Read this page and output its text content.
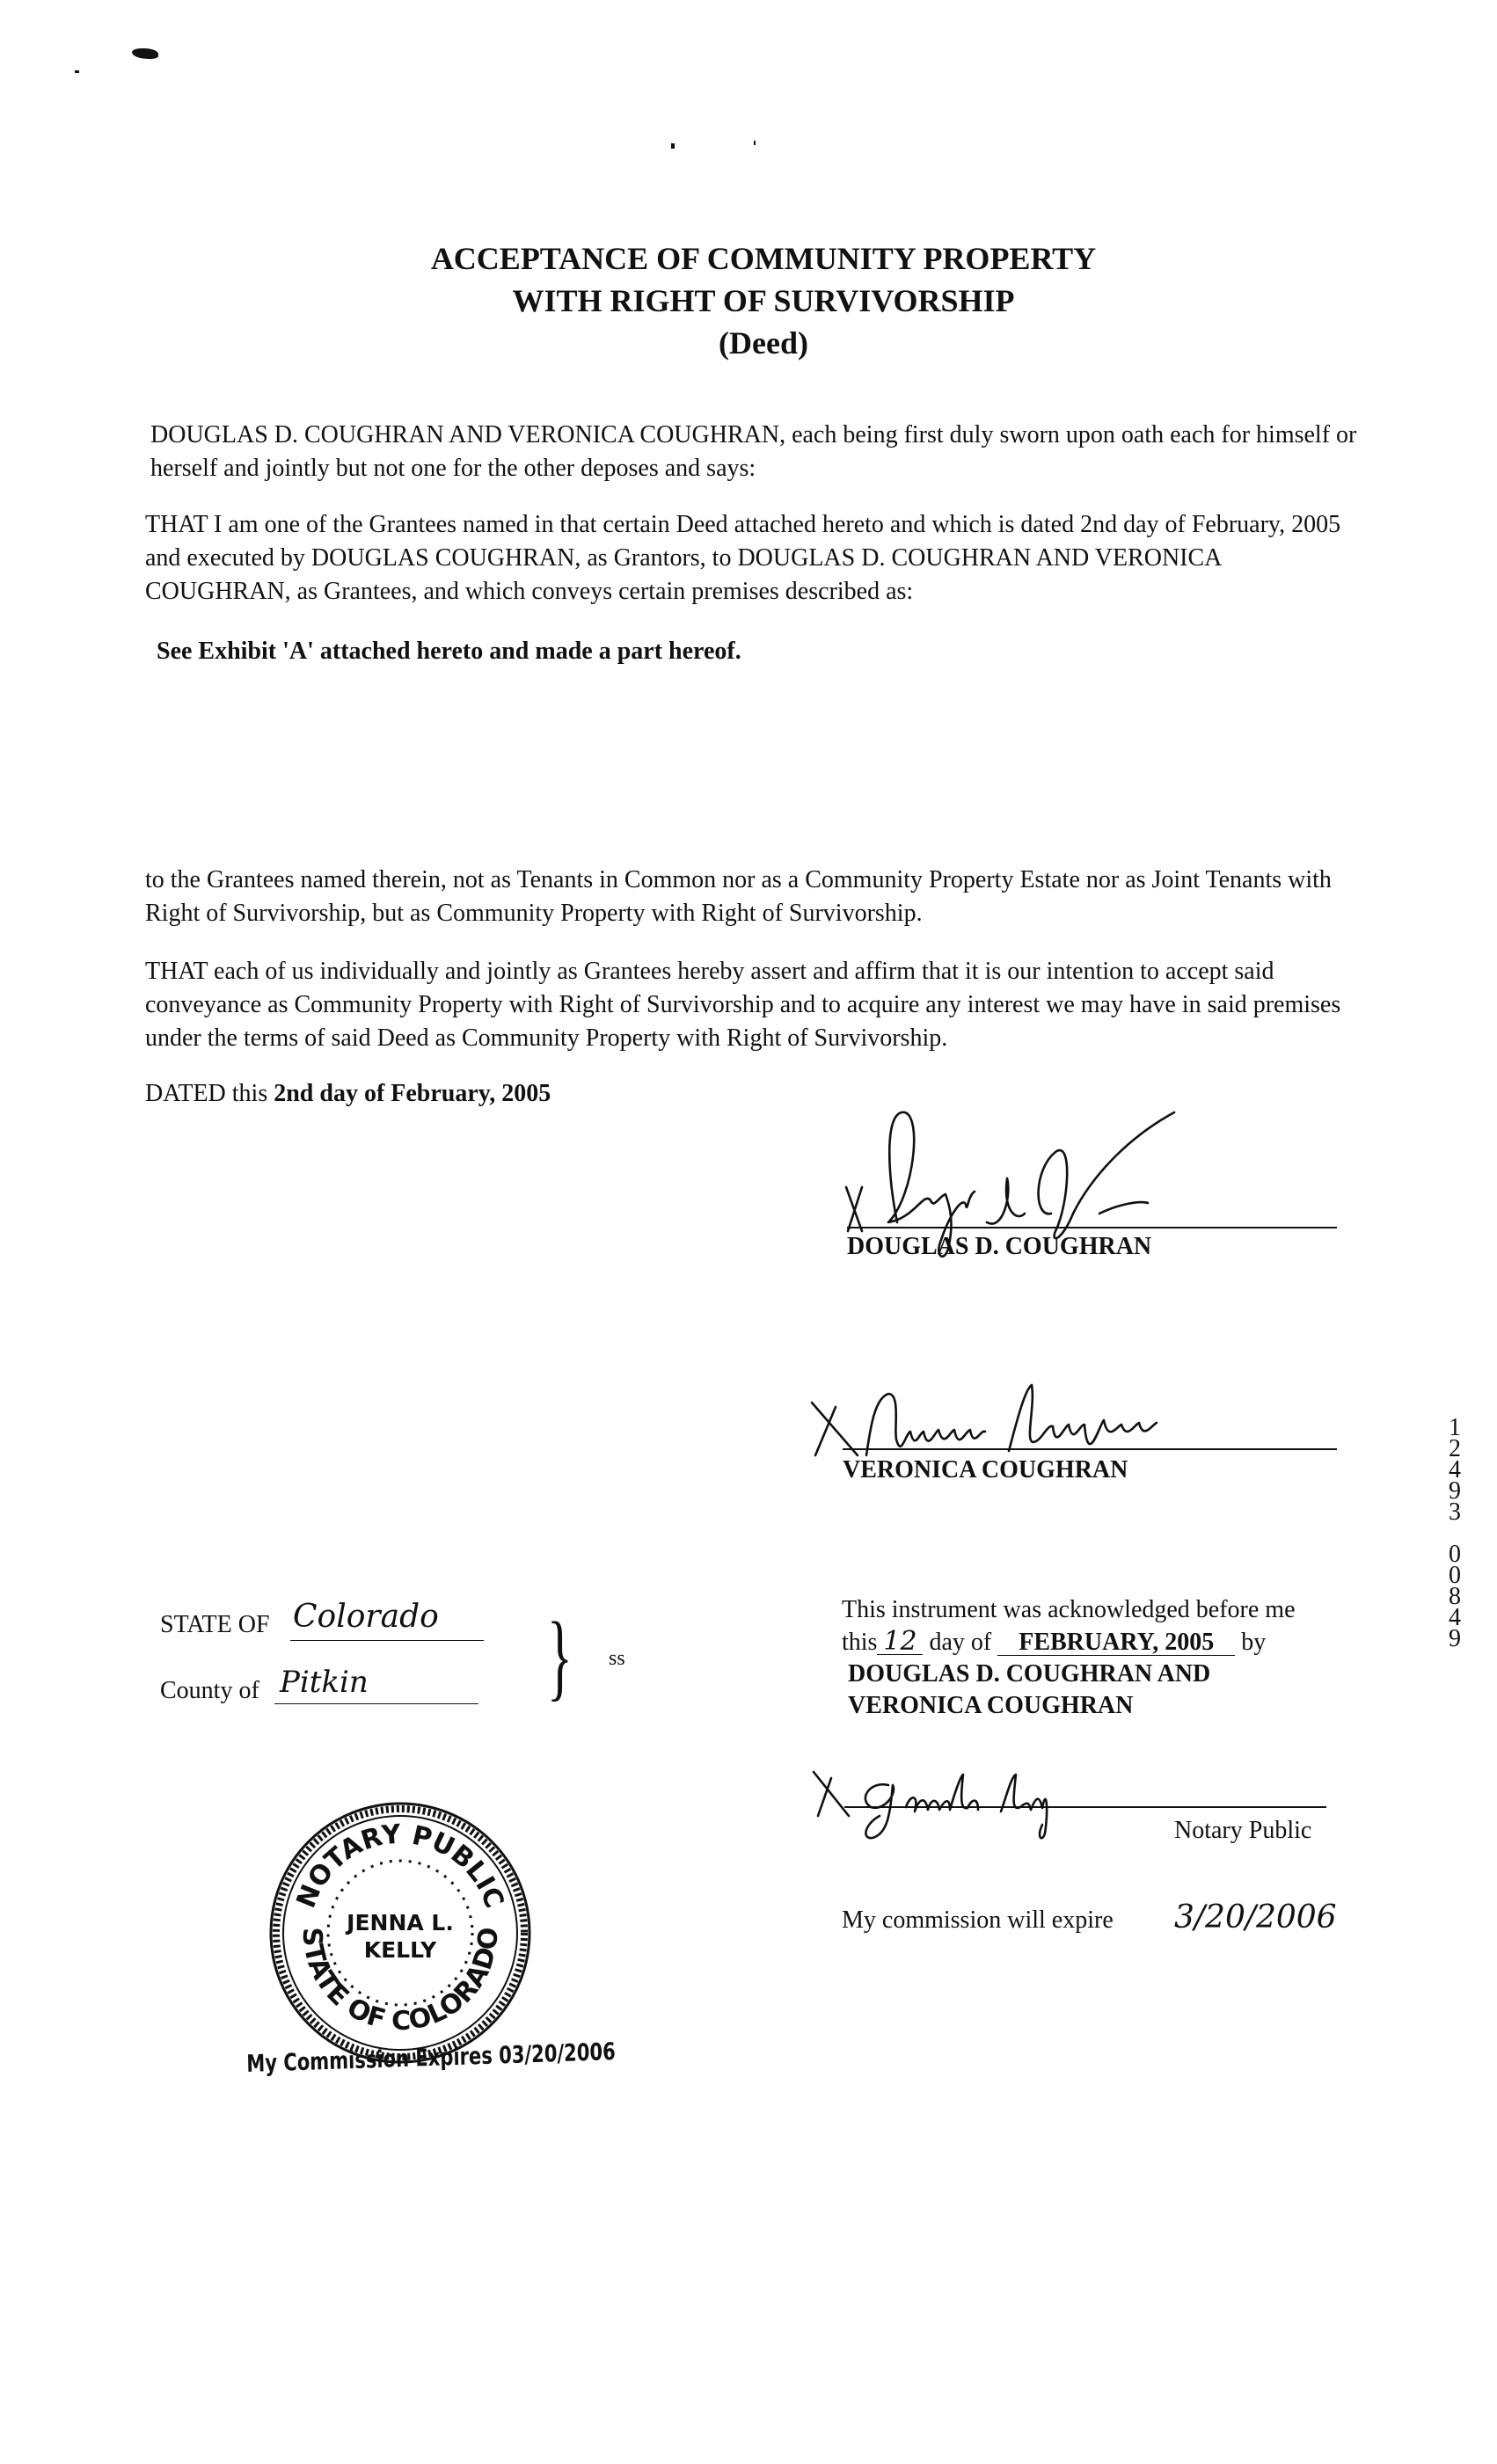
ACCEPTANCE OF COMMUNITY PROPERTY
WITH RIGHT OF SURVIVORSHIP
(Deed)
DOUGLAS D. COUGHRAN AND VERONICA COUGHRAN, each being first duly sworn upon oath each for himself or herself and jointly but not one for the other deposes and says:
THAT I am one of the Grantees named in that certain Deed attached hereto and which is dated 2nd day of February, 2005 and executed by DOUGLAS COUGHRAN, as Grantors, to DOUGLAS D. COUGHRAN AND VERONICA COUGHRAN, as Grantees, and which conveys certain premises described as:
See Exhibit 'A' attached hereto and made a part hereof.
to the Grantees named therein, not as Tenants in Common nor as a Community Property Estate nor as Joint Tenants with Right of Survivorship, but as Community Property with Right of Survivorship.
THAT each of us individually and jointly as Grantees hereby assert and affirm that it is our intention to accept said conveyance as Community Property with Right of Survivorship and to acquire any interest we may have in said premises under the terms of said Deed as Community Property with Right of Survivorship.
DATED this 2nd day of February, 2005
DOUGLAS D. COUGHRAN
VERONICA COUGHRAN
1
2
4
9
3
0
0
8
4
9
STATE OF Colorado
County of Pitkin } ss
This instrument was acknowledged before me
this 12 day of FEBRUARY, 2005 by
DOUGLAS D. COUGHRAN AND
VERONICA COUGHRAN
Notary Public
My commission will expire 3/20/2006
NOTARY PUBLIC
STATE OF COLORADO
JENNA L.
KELLY
My Commission Expires 03/20/2006
